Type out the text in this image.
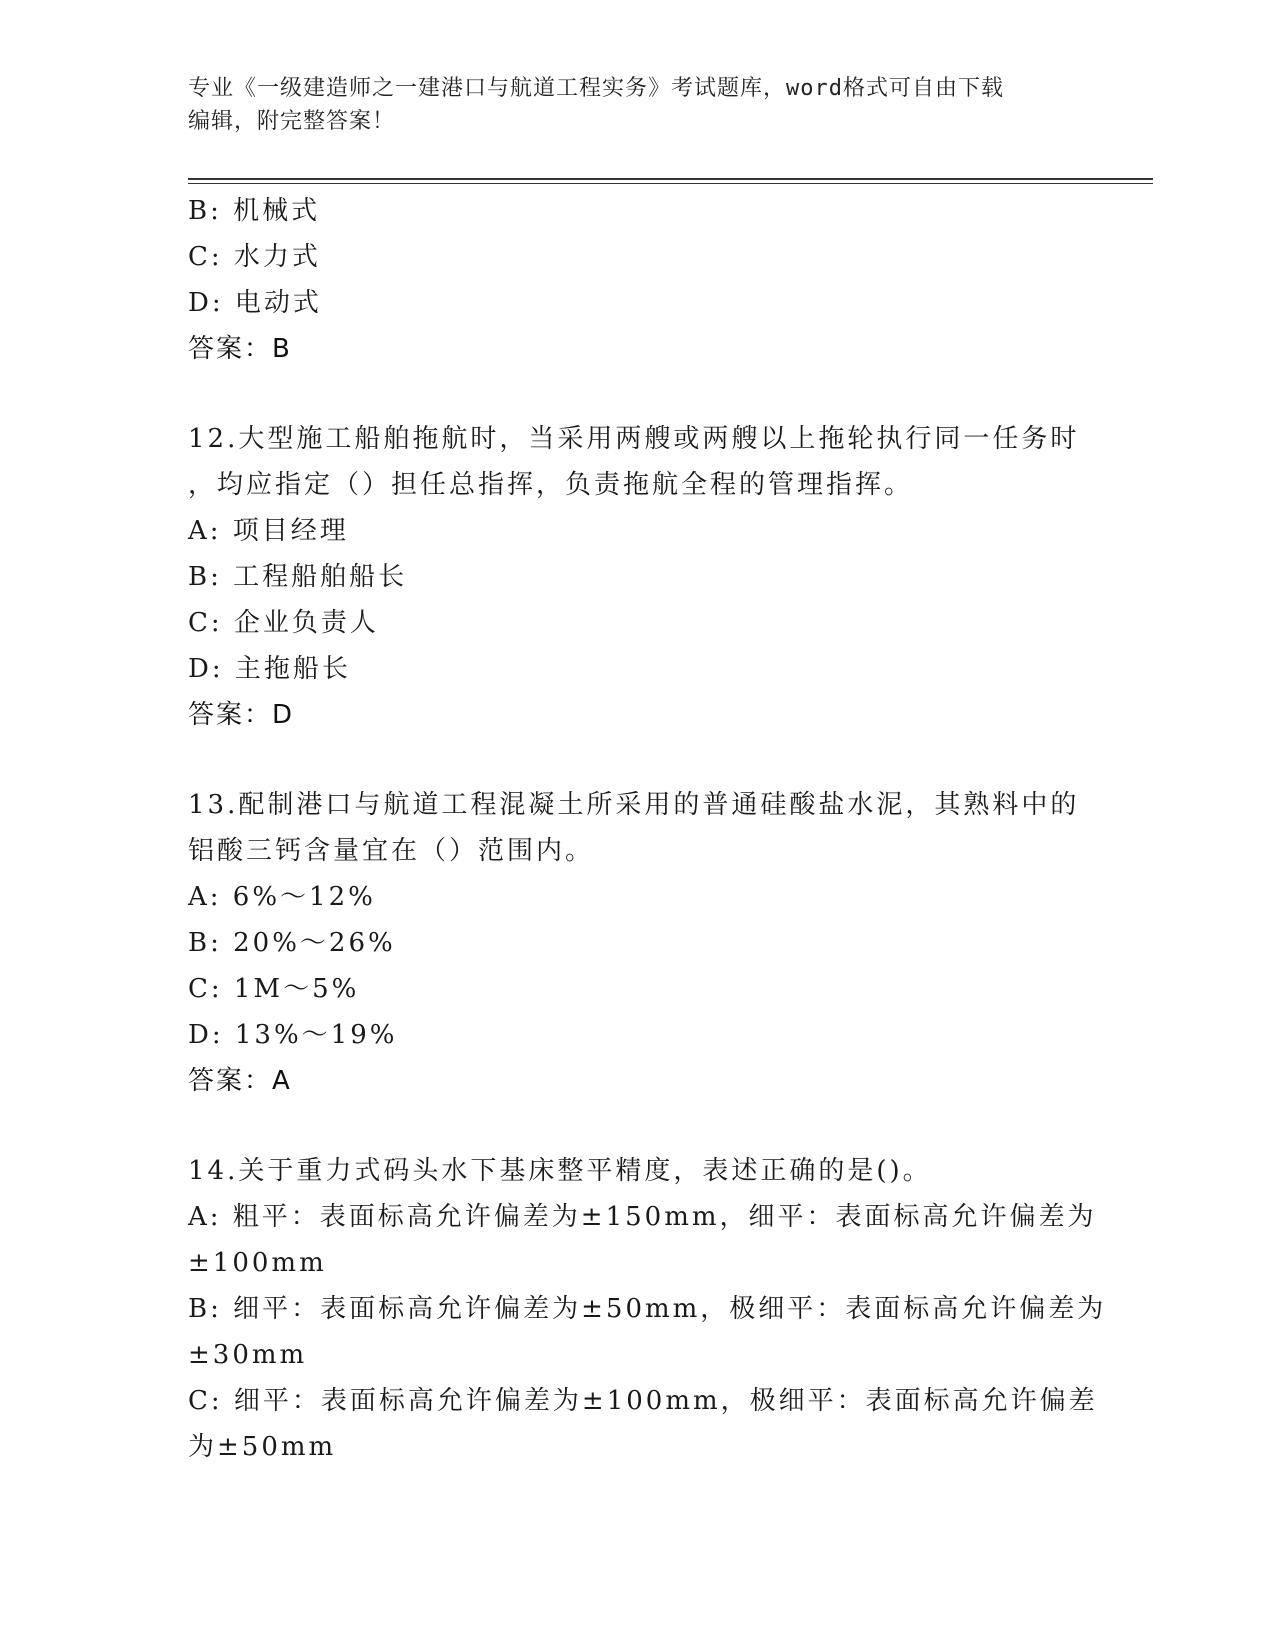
专业《一级建造师之一建港口与航道工程实务》考试题库，word格式可自由下载
编辑，附完整答案！
B: 机械式
C: 水力式
D: 电动式
答案：B
12.大型施工船舶拖航时，当采用两艘或两艘以上拖轮执行同一任务时
，均应指定（）担任总指挥，负责拖航全程的管理指挥。
A: 项目经理
B: 工程船舶船长
C: 企业负责人
D: 主拖船长
答案：D
13.配制港口与航道工程混凝土所采用的普通硅酸盐水泥，其熟料中的
铝酸三钙含量宜在（）范围内。
A: 6%～12%
B: 20%～26%
C: 1M～5%
D: 13%～19%
答案：A
14.关于重力式码头水下基床整平精度，表述正确的是()。
A: 粗平：表面标高允许偏差为±150mm，细平：表面标高允许偏差为
±100mm
B: 细平：表面标高允许偏差为±50mm，极细平：表面标高允许偏差为
±30mm
C: 细平：表面标高允许偏差为±100mm，极细平：表面标高允许偏差
为±50mm
